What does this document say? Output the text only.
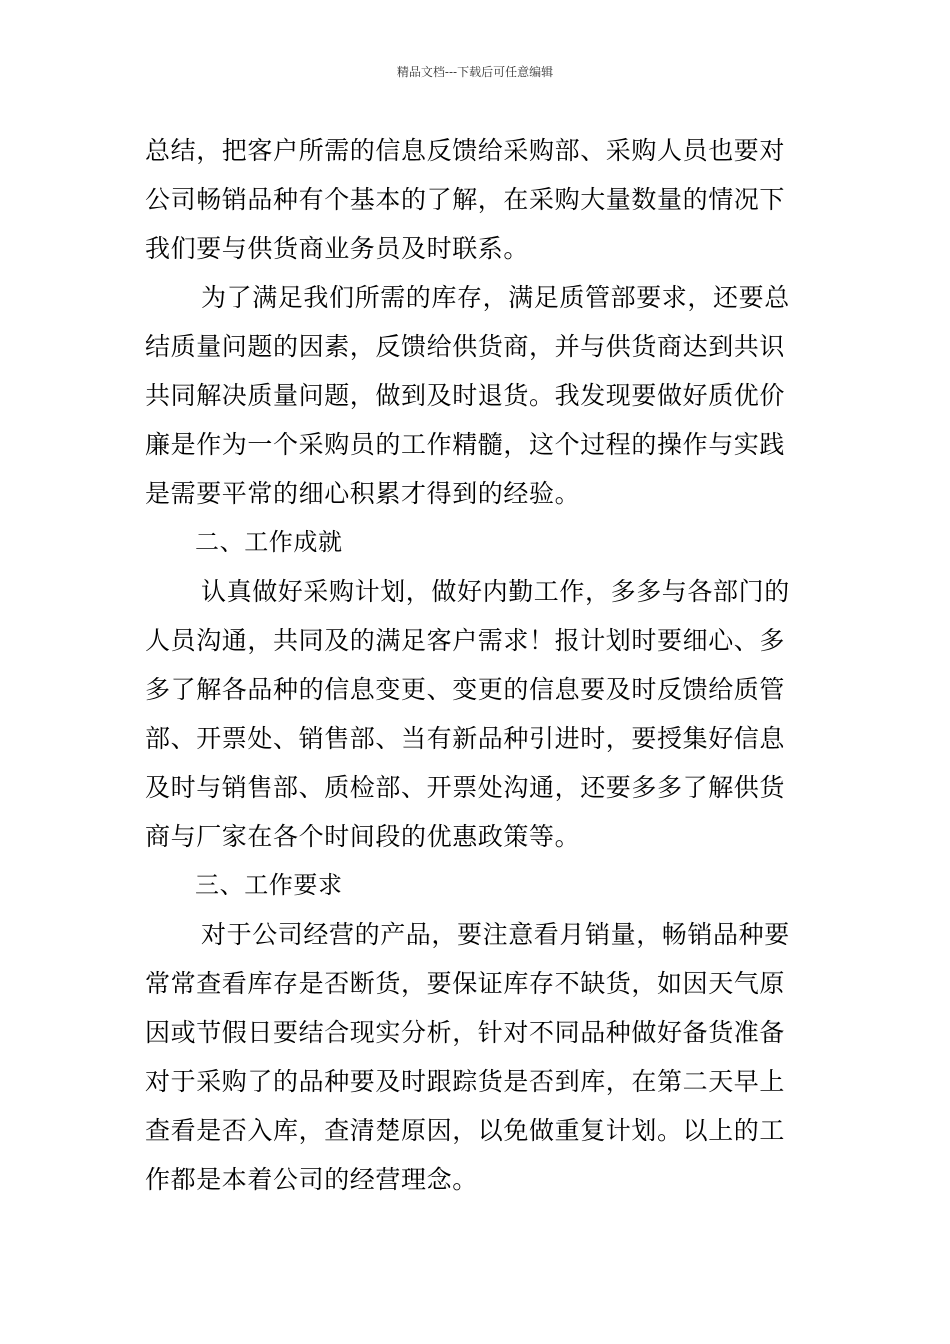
精品文档---下载后可任意编辑
总结，把客户所需的信息反馈给采购部、采购人员也要对
公司畅销品种有个基本的了解，在采购大量数量的情况下
我们要与供货商业务员及时联系。
为了满足我们所需的库存，满足质管部要求，还要总
结质量问题的因素，反馈给供货商，并与供货商达到共识
共同解决质量问题，做到及时退货。我发现要做好质优价
廉是作为一个采购员的工作精髓，这个过程的操作与实践
是需要平常的细心积累才得到的经验。
二、工作成就
认真做好采购计划，做好内勤工作，多多与各部门的
人员沟通，共同及的满足客户需求！报计划时要细心、多
多了解各品种的信息变更、变更的信息要及时反馈给质管
部、开票处、销售部、当有新品种引进时，要授集好信息
及时与销售部、质检部、开票处沟通，还要多多了解供货
商与厂家在各个时间段的优惠政策等。
三、工作要求
对于公司经营的产品，要注意看月销量，畅销品种要
常常查看库存是否断货，要保证库存不缺货，如因天气原
因或节假日要结合现实分析，针对不同品种做好备货准备
对于采购了的品种要及时跟踪货是否到库，在第二天早上
查看是否入库，查清楚原因，以免做重复计划。以上的工
作都是本着公司的经营理念。
